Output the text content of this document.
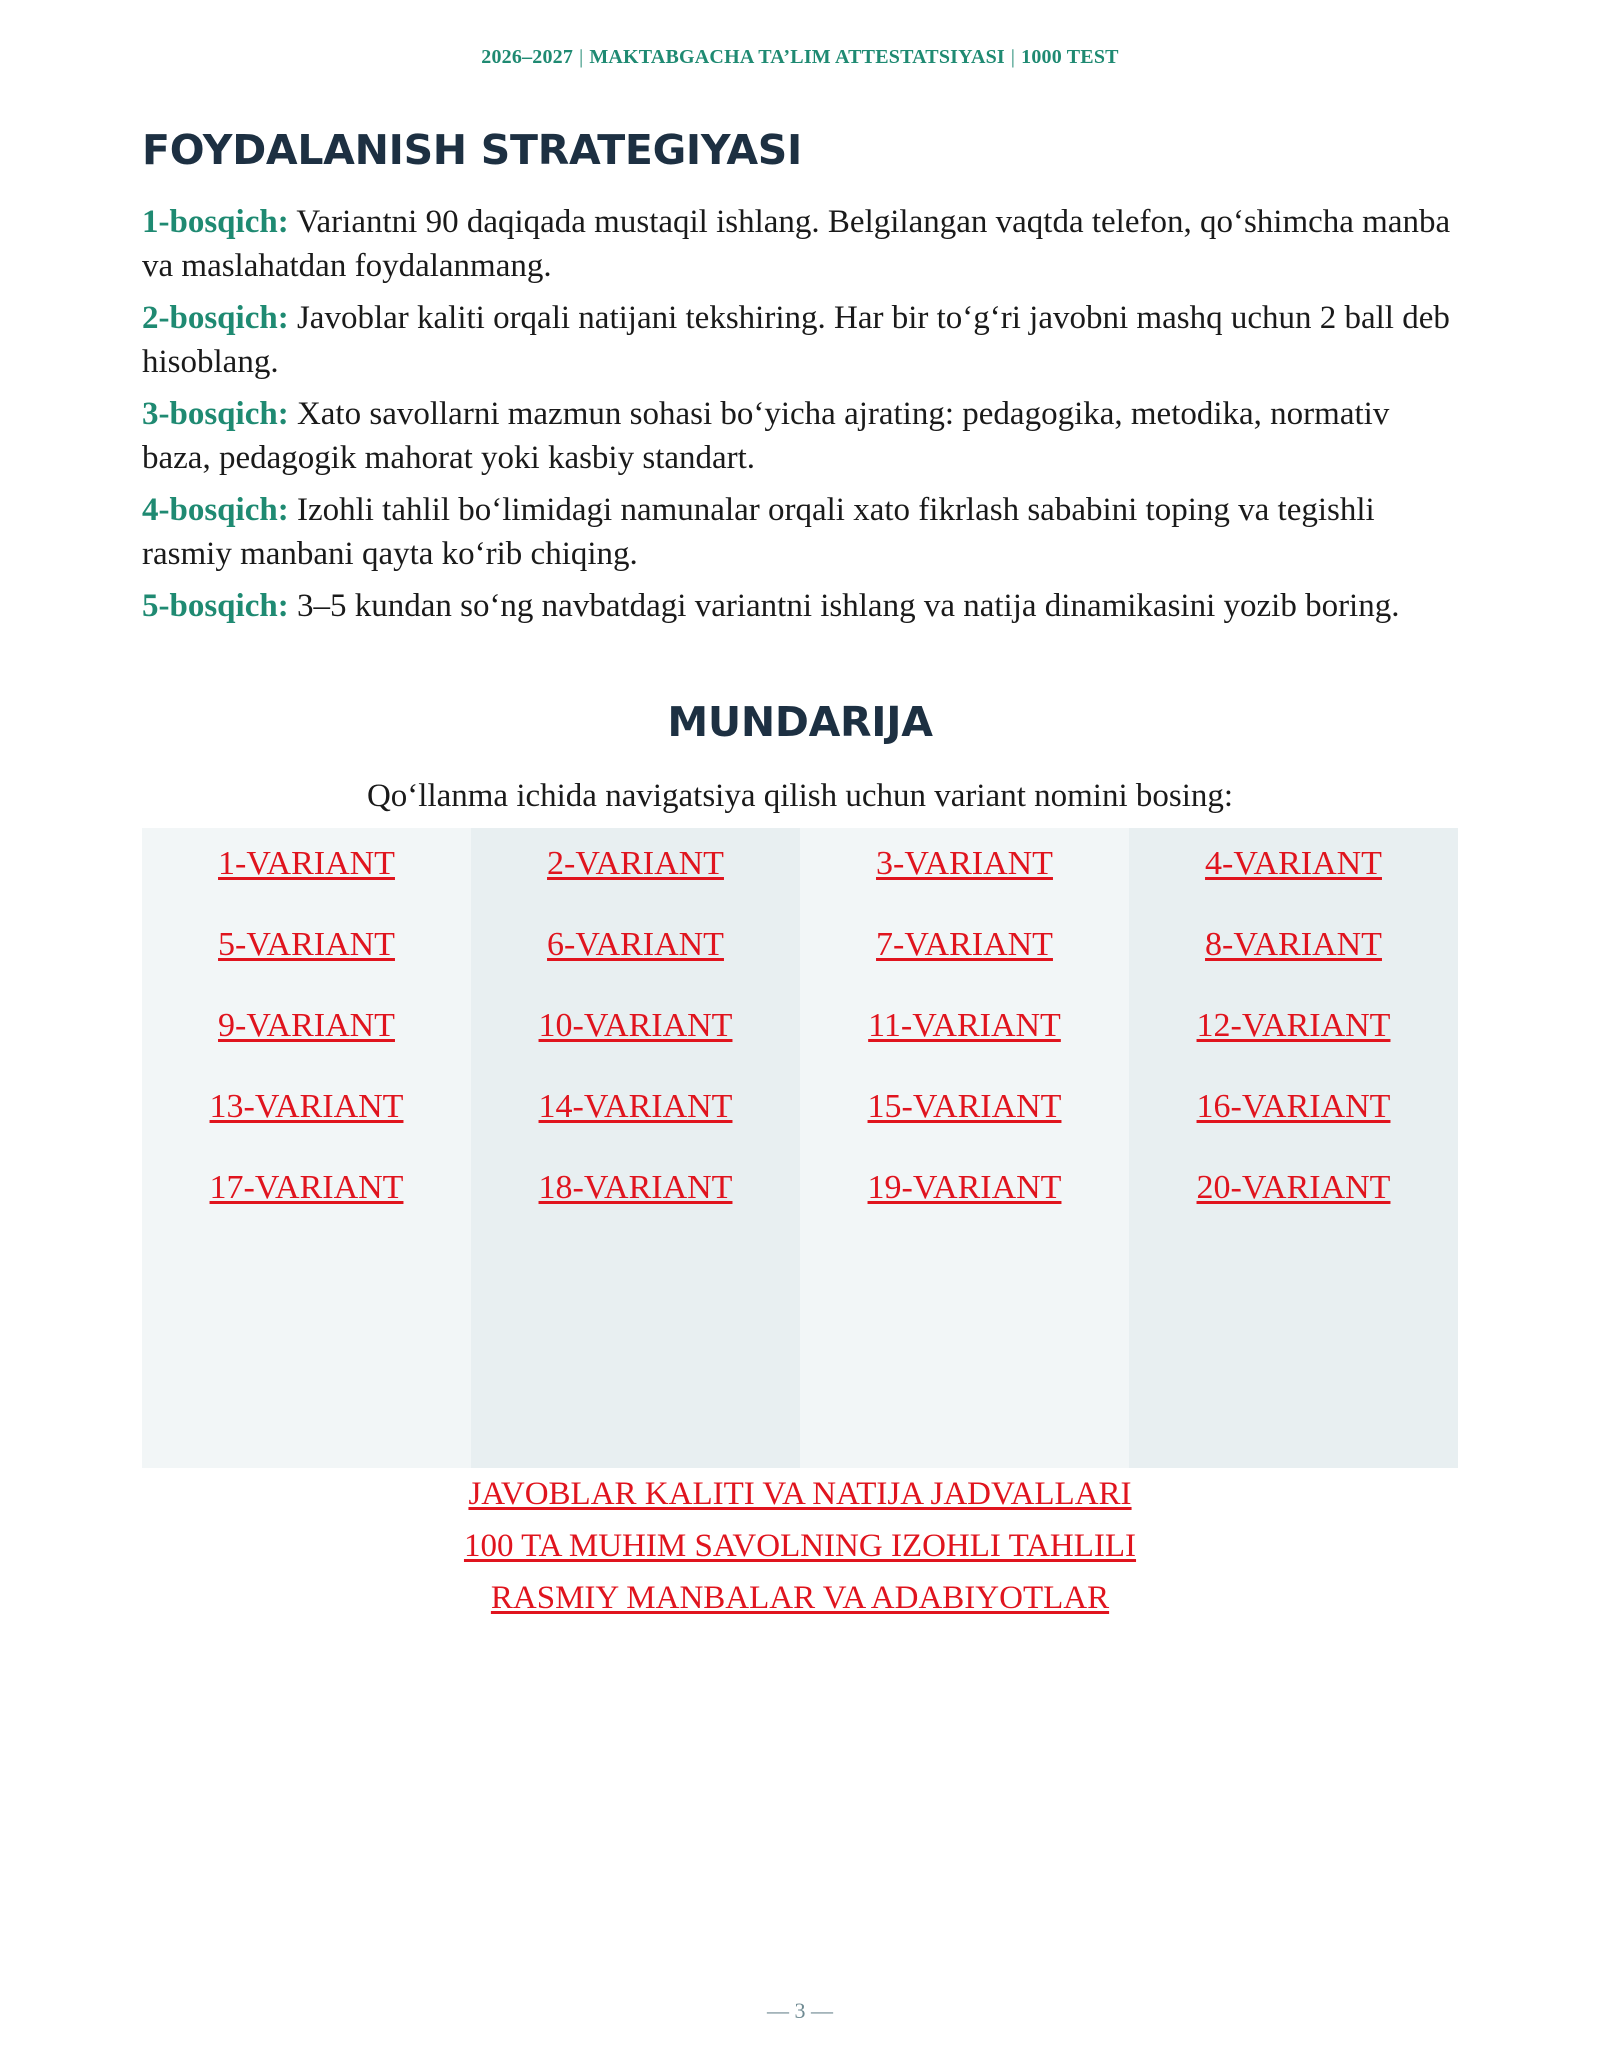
2026–2027 | MAKTABGACHA TA’LIM ATTESTATSIYASI | 1000 TEST
FOYDALANISH STRATEGIYASI

1-bosqich: Variantni 90 daqiqada mustaqil ishlang. Belgilangan vaqtda telefon, qo‘shimcha manba va maslahatdan foydalanmang.

2-bosqich: Javoblar kaliti orqali natijani tekshiring. Har bir to‘g‘ri javobni mashq uchun 2 ball deb hisoblang.

3-bosqich: Xato savollarni mazmun sohasi bo‘yicha ajrating: pedagogika, metodika, normativ baza, pedagogik mahorat yoki kasbiy standart.

4-bosqich: Izohli tahlil bo‘limidagi namunalar orqali xato fikrlash sababini toping va tegishli rasmiy manbani qayta ko‘rib chiqing.

5-bosqich: 3–5 kundan so‘ng navbatdagi variantni ishlang va natija dinamikasini yozib boring.

MUNDARIJA
Qo‘llanma ichida navigatsiya qilish uchun variant nomini bosing:
1-VARIANT
5-VARIANT
9-VARIANT
13-VARIANT
17-VARIANT
2-VARIANT
6-VARIANT
10-VARIANT
14-VARIANT
18-VARIANT
3-VARIANT
7-VARIANT
11-VARIANT
15-VARIANT
19-VARIANT
4-VARIANT
8-VARIANT
12-VARIANT
16-VARIANT
20-VARIANT
JAVOBLAR KALITI VA NATIJA JADVALLARI
100 TA MUHIM SAVOLNING IZOHLI TAHLILI
RASMIY MANBALAR VA ADABIYOTLAR
— 3 —
